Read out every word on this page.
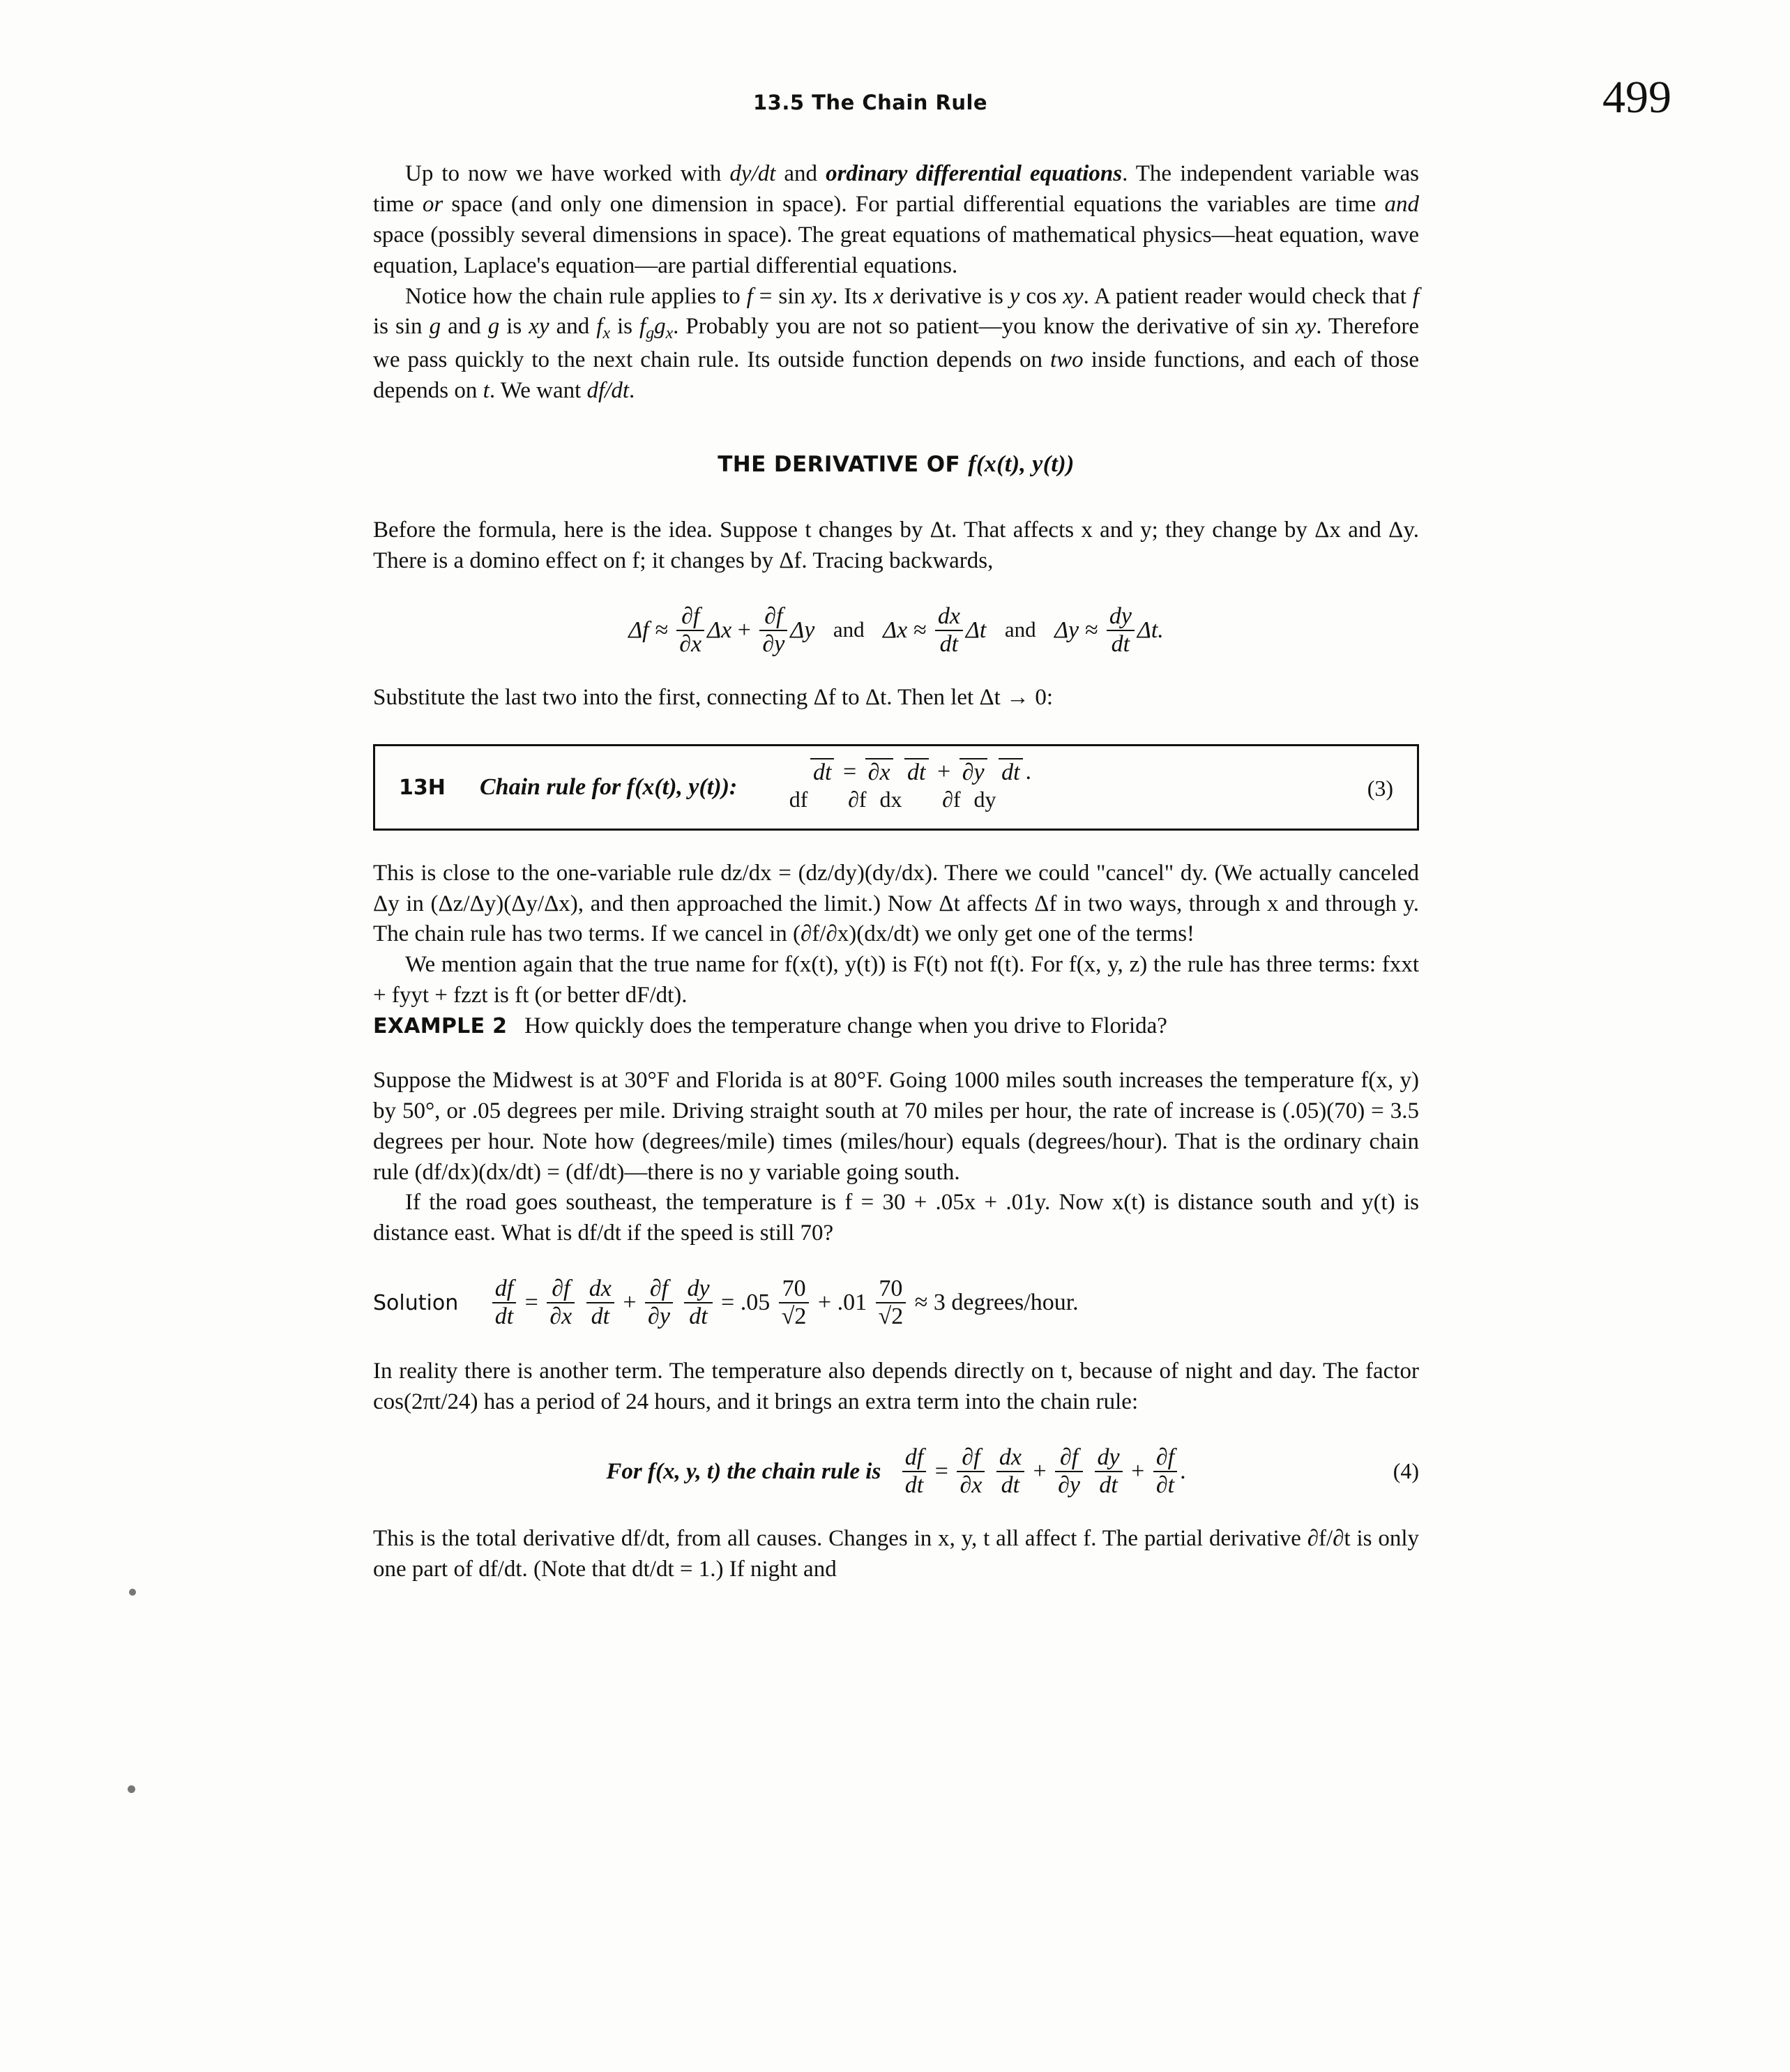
13.5 The Chain Rule	499

Up to now we have worked with dy/dt and ordinary differential equations. The independent variable was time or space (and only one dimension in space). For partial differential equations the variables are time and space (possibly several dimensions in space). The great equations of mathematical physics—heat equation, wave equation, Laplace's equation—are partial differential equations.

Notice how the chain rule applies to f = sin xy. Its x derivative is y cos xy. A patient reader would check that f is sin g and g is xy and $f_x$ is $f_gg_x$. Probably you are not so patient—you know the derivative of sin xy. Therefore we pass quickly to the next chain rule. Its outside function depends on two inside functions, and each of those depends on t. We want df/dt.

THE DERIVATIVE OF f(x(t), y(t))

Before the formula, here is the idea. Suppose t changes by Δt. That affects x and y; they change by Δx and Δy. There is a domino effect on f; it changes by Δf. Tracing backwards,

$\Delta f \approx \frac{\partial f}{\partial x}$ $\Delta x + \frac{\partial f}{\partial y}$ Δy and $\Delta x \approx \frac{dx}{dt}$ Δt and $\Delta y \approx \frac{dy}{dt} \Delta t$.

Substitute the last two into the first, connecting Δf to Δt. Then let Δt → 0:

13H Chain rule for f(x(t), y(t)): df
dt =
∂f
∂x

dx
dt +
∂f
∂y

dy
dt .
(3)

This is close to the one-variable rule dz/dx = (dz/dy)(dy/dx). There we could "cancel" dy. (We actually canceled Δy in (Δz/Δy)(Δy/Δx), and then approached the limit.) Now Δt affects Δf in two ways, through x and through y. The chain rule has two terms. If we cancel in (∂f/∂x)(dx/dt) we only get one of the terms!

We mention again that the true name for f(x(t), y(t)) is F(t) not f(t). For f(x, y, z) the rule has three terms: fxxt + fyyt + fzzt is ft (or better dF/dt).

EXAMPLE 2 How quickly does the temperature change when you drive to Florida?

Suppose the Midwest is at 30°F and Florida is at 80°F. Going 1000 miles south increases the temperature f(x, y) by 50°, or .05 degrees per mile. Driving straight south at 70 miles per hour, the rate of increase is (.05)(70) = 3.5 degrees per hour. Note how (degrees/mile) times (miles/hour) equals (degrees/hour). That is the ordinary chain rule (df/dx)(dx/dt) = (df/dt)—there is no y variable going south.

If the road goes southeast, the temperature is f = 30 + .05x + .01y. Now x(t) is distance south and y(t) is distance east. What is df/dt if the speed is still 70?

Solution $\frac{df}{dt} = \frac{\partial f}{\partial x}$
$\frac{dx}{dt} + \frac{\partial f}{\partial y}$
$\frac{dy}{dt} = .05 \frac{70}{√2} + .01 \frac{70}{√2} \approx 3$ degrees/hour.

In reality there is another term. The temperature also depends directly on t, because of night and day. The factor cos(2πt/24) has a period of 24 hours, and it brings an extra term into the chain rule:

For f(x, y, t) the chain rule is $\frac{df}{dt} = \frac{\partial f}{\partial x}$
$\frac{dx}{dt} + \frac{\partial f}{\partial y}$
$\frac{dy}{dt} + \frac{\partial f}{\partial t}$ .	(4)

This is the total derivative df/dt, from all causes. Changes in x, y, t all affect f. The partial derivative ∂f/∂t is only one part of df/dt. (Note that dt/dt = 1.) If night and
